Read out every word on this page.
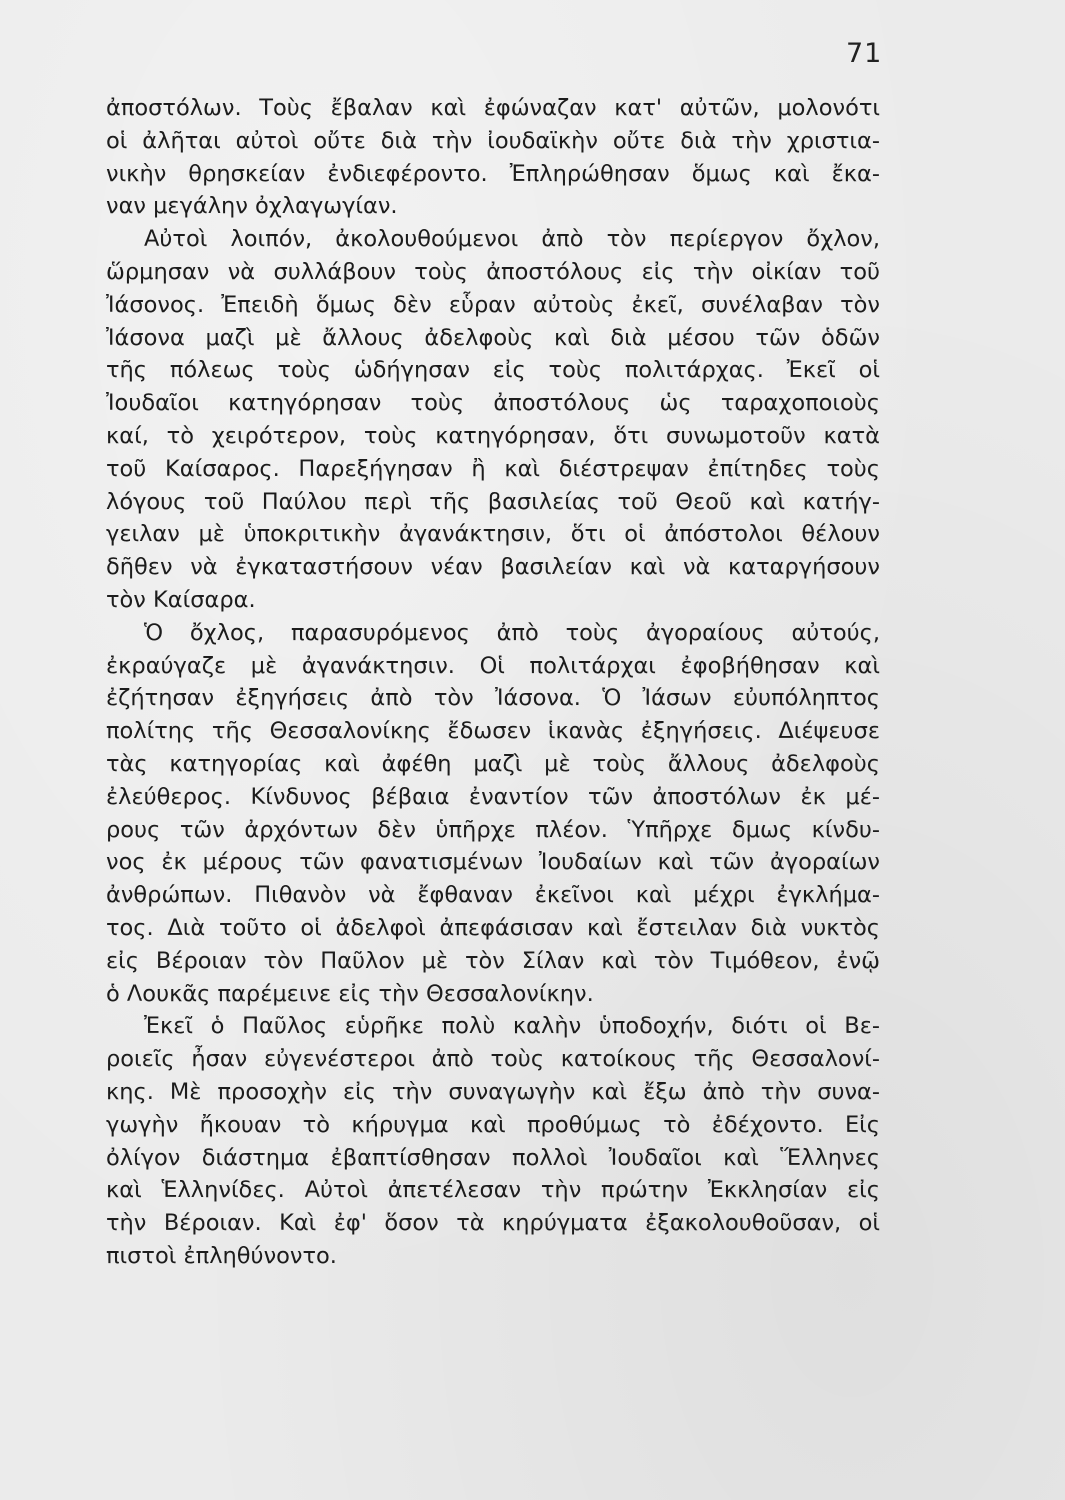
71
ἀποστόλων. Τοὺς ἔβαλαν καὶ ἐφώναζαν κατ' αὐτῶν, μολονότι
οἱ ἀλῆται αὐτοὶ οὔτε διὰ τὴν ἰουδαϊκὴν οὔτε διὰ τὴν χριστια-
νικὴν θρησκείαν ἐνδιεφέροντο. Ἐπληρώθησαν ὅμως καὶ ἔκα-
ναν μεγάλην ὀχλαγωγίαν.
Αὐτοὶ λοιπόν, ἀκολουθούμενοι ἀπὸ τὸν περίεργον ὄχλον,
ὥρμησαν νὰ συλλάβουν τοὺς ἀποστόλους εἰς τὴν οἰκίαν τοῦ
Ἰάσονος. Ἐπειδὴ ὅμως δὲν εὗραν αὐτοὺς ἐκεῖ, συνέλαβαν τὸν
Ἰάσονα μαζὶ μὲ ἄλλους ἀδελφοὺς καὶ διὰ μέσου τῶν ὁδῶν
τῆς πόλεως τοὺς ὡδήγησαν εἰς τοὺς πολιτάρχας. Ἐκεῖ οἱ
Ἰουδαῖοι κατηγόρησαν τοὺς ἀποστόλους ὡς ταραχοποιοὺς
καί, τὸ χειρότερον, τοὺς κατηγόρησαν, ὅτι συνωμοτοῦν κατὰ
τοῦ Καίσαρος. Παρεξήγησαν ἢ καὶ διέστρεψαν ἐπίτηδες τοὺς
λόγους τοῦ Παύλου περὶ τῆς βασιλείας τοῦ Θεοῦ καὶ κατήγ-
γειλαν μὲ ὑποκριτικὴν ἀγανάκτησιν, ὅτι οἱ ἀπόστολοι θέλουν
δῆθεν νὰ ἐγκαταστήσουν νέαν βασιλείαν καὶ νὰ καταργήσουν
τὸν Καίσαρα.
Ὁ ὄχλος, παρασυρόμενος ἀπὸ τοὺς ἀγοραίους αὐτούς,
ἐκραύγαζε μὲ ἀγανάκτησιν. Οἱ πολιτάρχαι ἐφοβήθησαν καὶ
ἐζήτησαν ἐξηγήσεις ἀπὸ τὸν Ἰάσονα. Ὁ Ἰάσων εὐυπόληπτος
πολίτης τῆς Θεσσαλονίκης ἔδωσεν ἱκανὰς ἐξηγήσεις. Διέψευσε
τὰς κατηγορίας καὶ ἀφέθη μαζὶ μὲ τοὺς ἄλλους ἀδελφοὺς
ἐλεύθερος. Κίνδυνος βέβαια ἐναντίον τῶν ἀποστόλων ἐκ μέ-
ρους τῶν ἀρχόντων δὲν ὑπῆρχε πλέον. Ὑπῆρχε δμως κίνδυ-
νος ἐκ μέρους τῶν φανατισμένων Ἰουδαίων καὶ τῶν ἀγοραίων
ἀνθρώπων. Πιθανὸν νὰ ἔφθαναν ἐκεῖνοι καὶ μέχρι ἐγκλήμα-
τος. Διὰ τοῦτο οἱ ἀδελφοὶ ἀπεφάσισαν καὶ ἔστειλαν διὰ νυκτὸς
εἰς Βέροιαν τὸν Παῦλον μὲ τὸν Σίλαν καὶ τὸν Τιμόθεον, ἐνῷ
ὁ Λουκᾶς παρέμεινε εἰς τὴν Θεσσαλονίκην.
Ἐκεῖ ὁ Παῦλος εὑρῆκε πολὺ καλὴν ὑποδοχήν, διότι οἱ Βε-
ροιεῖς ἦσαν εὐγενέστεροι ἀπὸ τοὺς κατοίκους τῆς Θεσσαλονί-
κης. Μὲ προσοχὴν εἰς τὴν συναγωγὴν καὶ ἔξω ἀπὸ τὴν συνα-
γωγὴν ἤκουαν τὸ κήρυγμα καὶ προθύμως τὸ ἐδέχοντο. Εἰς
ὀλίγον διάστημα ἐβαπτίσθησαν πολλοὶ Ἰουδαῖοι καὶ Ἕλληνες
καὶ Ἑλληνίδες. Αὐτοὶ ἀπετέλεσαν τὴν πρώτην Ἐκκλησίαν εἰς
τὴν Βέροιαν. Καὶ ἐφ' ὅσον τὰ κηρύγματα ἐξακολουθοῦσαν, οἱ
πιστοὶ ἐπληθύνοντο.
